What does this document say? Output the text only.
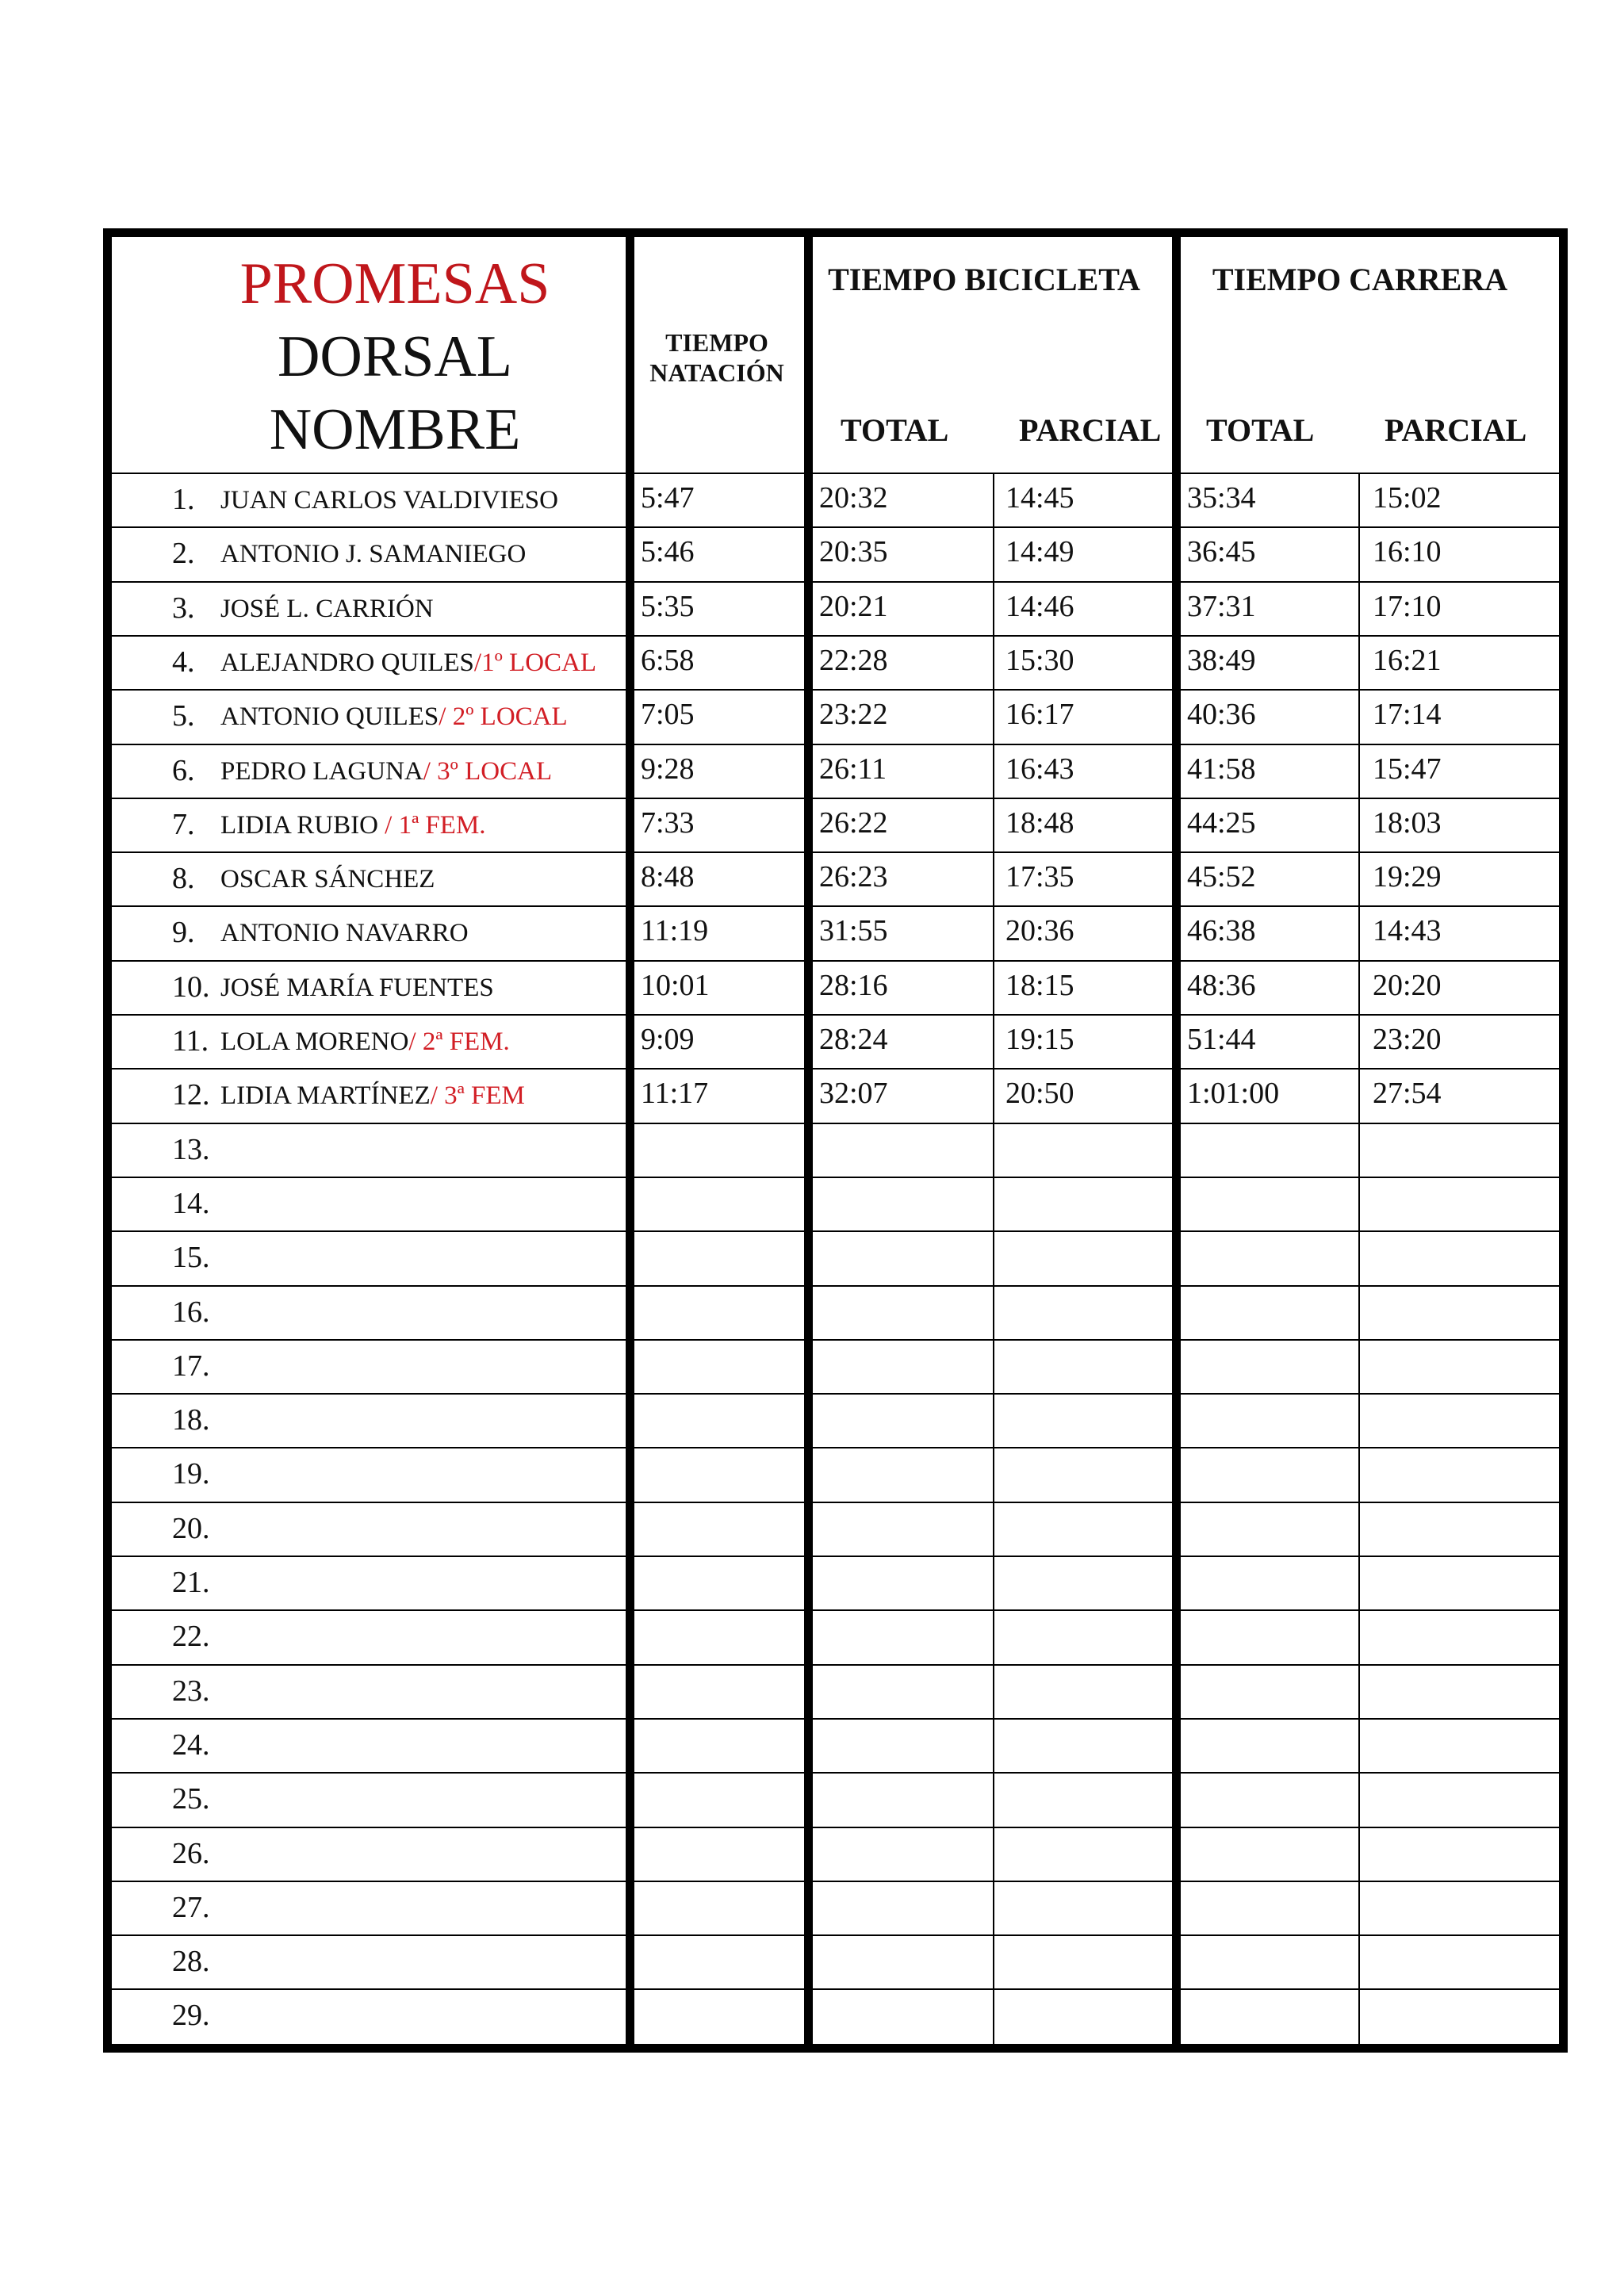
PROMESAS
DORSAL
NOMBRE
TIEMPO
NATACIÓN
TIEMPO BICICLETA	TIEMPO CARRERA
TOTAL PARCIAL TOTAL PARCIAL
1. JUAN CARLOS VALDIVIESO	5:47	20:32	14:45	35:34	15:02
2. ANTONIO J. SAMANIEGO	5:46	20:35	14:49	36:45	16:10
3. JOSÉ L. CARRIÓN	5:35	20:21	14:46	37:31	17:10
4. ALEJANDRO QUILES/1º LOCAL 6:58	22:28	15:30	38:49	16:21
5. ANTONIO QUILES/ 2º LOCAL 7:05	23:22	16:17	40:36	17:14
6. PEDRO LAGUNA/ 3º LOCAL	9:28	26:11	16:43	41:58	15:47
7. LIDIA RUBIO / 1ª FEM.	7:33	26:22	18:48	44:25	18:03
8. OSCAR SÁNCHEZ	8:48	26:23	17:35	45:52	19:29
9. ANTONIO NAVARRO	11:19	31:55	20:36	46:38	14:43
10. JOSÉ MARÍA FUENTES	10:01	28:16	18:15	48:36	20:20
11. LOLA MORENO/ 2ª FEM.	9:09	28:24	19:15	51:44	23:20
12. LIDIA MARTÍNEZ/ 3ª FEM	11:17	32:07	20:50	1:01:00	27:54
13.
14.
15.
16.
17.
18.
19.
20.
21.
22.
23.
24.
25.
26.
27.
28.
29.
